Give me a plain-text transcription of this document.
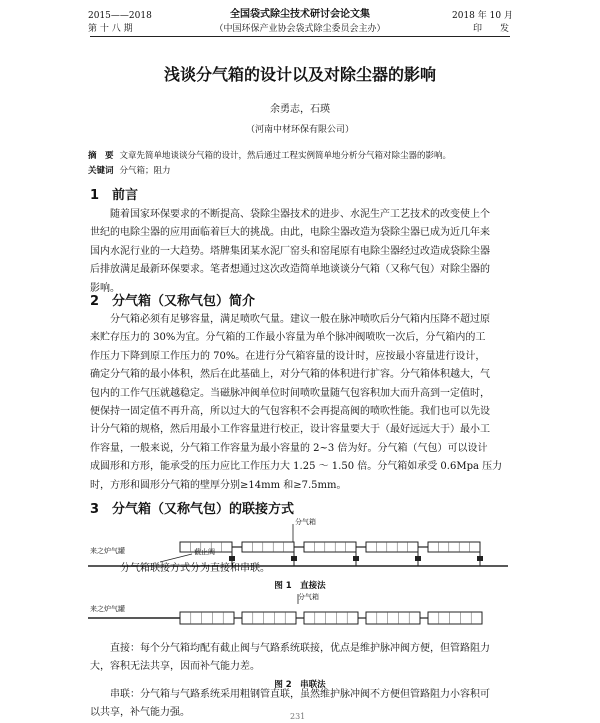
2015——2018
第 十 八 期
全国袋式除尘技术研讨会论文集
（中国环保产业协会袋式除尘委员会主办）
2018 年 10 月
印 发
浅谈分气箱的设计以及对除尘器的影响
余勇志，石瑛
（河南中材环保有限公司）
摘　要 文章先简单地谈谈分气箱的设计，然后通过工程实例简单地分析分气箱对除尘器的影响。
关键词 分气箱；阻力
1　前言
随着国家环保要求的不断提高、袋除尘器技术的进步、水泥生产工艺技术的改变使上个
世纪的电除尘器的应用面临着巨大的挑战。由此，电除尘器改造为袋除尘器已成为近几年来
国内水泥行业的一大趋势。塔牌集团某水泥厂窑头和窑尾原有电除尘器经过改造成袋除尘器
后排放满足最新环保要求。笔者想通过这次改造简单地谈谈分气箱（又称气包）对除尘器的
影响。
2　分气箱（又称气包）简介
分气箱必须有足够容量，满足喷吹气量。建议一般在脉冲喷吹后分气箱内压降不超过原
来贮存压力的 30%为宜。分气箱的工作最小容量为单个脉冲阀喷吹一次后，分气箱内的工
作压力下降到原工作压力的 70%。在进行分气箱容量的设计时，应按最小容量进行设计，
确定分气箱的最小体积，然后在此基础上，对分气箱的体积进行扩容。分气箱体积越大，气
包内的工作气压就越稳定。当磁脉冲阀单位时间喷吹量随气包容积加大而升高到一定值时，
便保持一固定值不再升高，所以过大的气包容积不会再提高阀的喷吹性能。我们也可以先设
计分气箱的规格，然后用最小工作容量进行校正，设计容量要大于（最好远远大于）最小工
作容量，一般来说，分气箱工作容量为最小容量的 2~3 倍为好。分气箱（气包）可以设计
成圆形和方形，能承受的压力应比工作压力大 1.25 ～ 1.50 倍。分气箱如承受 0.6Mpa 压力
时，方形和圆形分气箱的壁厚分别≥14mm 和≥7.5mm。
3　分气箱（又称气包）的联接方式
分气箱
截止阀
来之炉气罐
分气箱联接方式分为直接和串联。
图 1　直接法
分气箱
来之炉气罐
直接：每个分气箱均配有截止阀与气路系统联接，优点是维护脉冲阀方便，但管路阻力
大，容积无法共享，因而补气能力差。
图 2　串联法
串联：分气箱与气路系统采用粗钢管直联，虽然维护脉冲阀不方便但管路阻力小容积可
以共享，补气能力强。	231
